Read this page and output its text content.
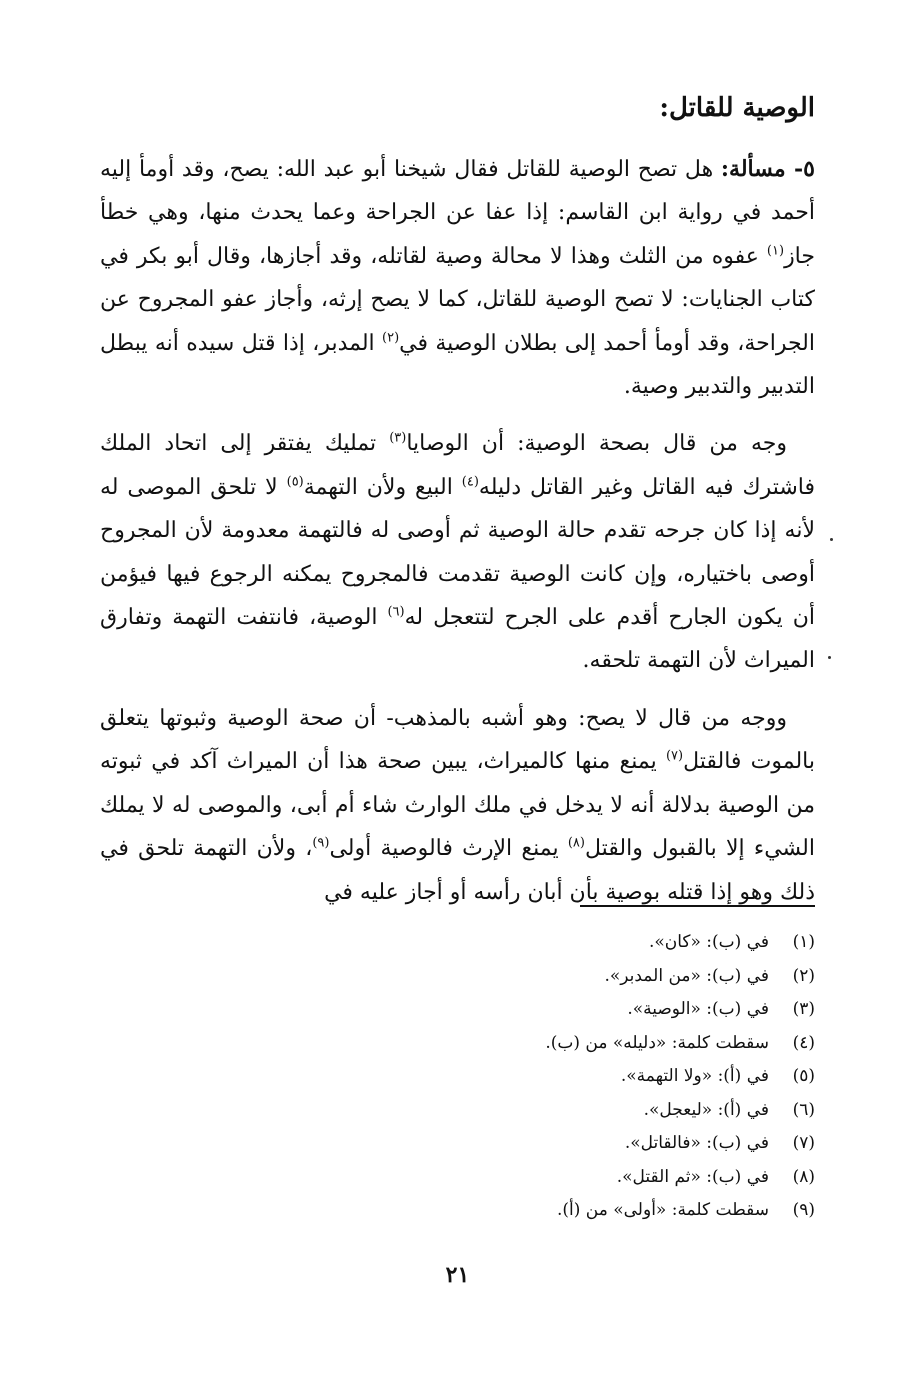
الوصية للقاتل:

٥- مسألة: هل تصح الوصية للقاتل فقال شيخنا أبو عبد الله: يصح، وقد أومأ إليه أحمد في رواية ابن القاسم: إذا عفا عن الجراحة وعما يحدث منها، وهي خطأ جاز$^{(١)}$ عفوه من الثلث وهذا لا محالة وصية لقاتله، وقد أجازها، وقال أبو بكر في كتاب الجنايات: لا تصح الوصية للقاتل، كما لا يصح إرثه، وأجاز عفو المجروح عن الجراحة، وقد أومأ أحمد إلى بطلان الوصية في$^{(٢)}$ المدبر، إذا قتل سيده أنه يبطل التدبير والتدبير وصية.

وجه من قال بصحة الوصية: أن الوصايا$^{(٣)}$ تمليك يفتقر إلى اتحاد الملك فاشترك فيه القاتل وغير القاتل دليله$^{(٤)}$ البيع ولأن التهمة$^{(٥)}$ لا تلحق الموصى له لأنه إذا كان جرحه تقدم حالة الوصية ثم أوصى له فالتهمة معدومة لأن المجروح أوصى باختياره، وإن كانت الوصية تقدمت فالمجروح يمكنه الرجوع فيها فيؤمن أن يكون الجارح أقدم على الجرح لتتعجل له$^{(٦)}$ الوصية، فانتفت التهمة وتفارق الميراث لأن التهمة تلحقه.

ووجه من قال لا يصح: وهو أشبه بالمذهب- أن صحة الوصية وثبوتها يتعلق بالموت فالقتل$^{(٧)}$ يمنع منها كالميراث، يبين صحة هذا أن الميراث آكد في ثبوته من الوصية بدلالة أنه لا يدخل في ملك الوارث شاء أم أبى، والموصى له لا يملك الشيء إلا بالقبول والقتل$^{(٨)}$ يمنع الإرث فالوصية أولى$^{(٩)}$، ولأن التهمة تلحق في ذلك وهو إذا قتله بوصية بأن أبان رأسه أو أجاز عليه في

(١)
في (ب): «كان».
(٢)
في (ب): «من المدبر».
(٣)
في (ب): «الوصية».
(٤)
سقطت كلمة: «دليله» من (ب).
(٥)
في (أ): «ولا التهمة».
(٦)
في (أ): «ليعجل».
(٧)
في (ب): «فالقاتل».
(٨)
في (ب): «ثم القتل».
(٩)
سقطت كلمة: «أولى» من (أ).
٢١
